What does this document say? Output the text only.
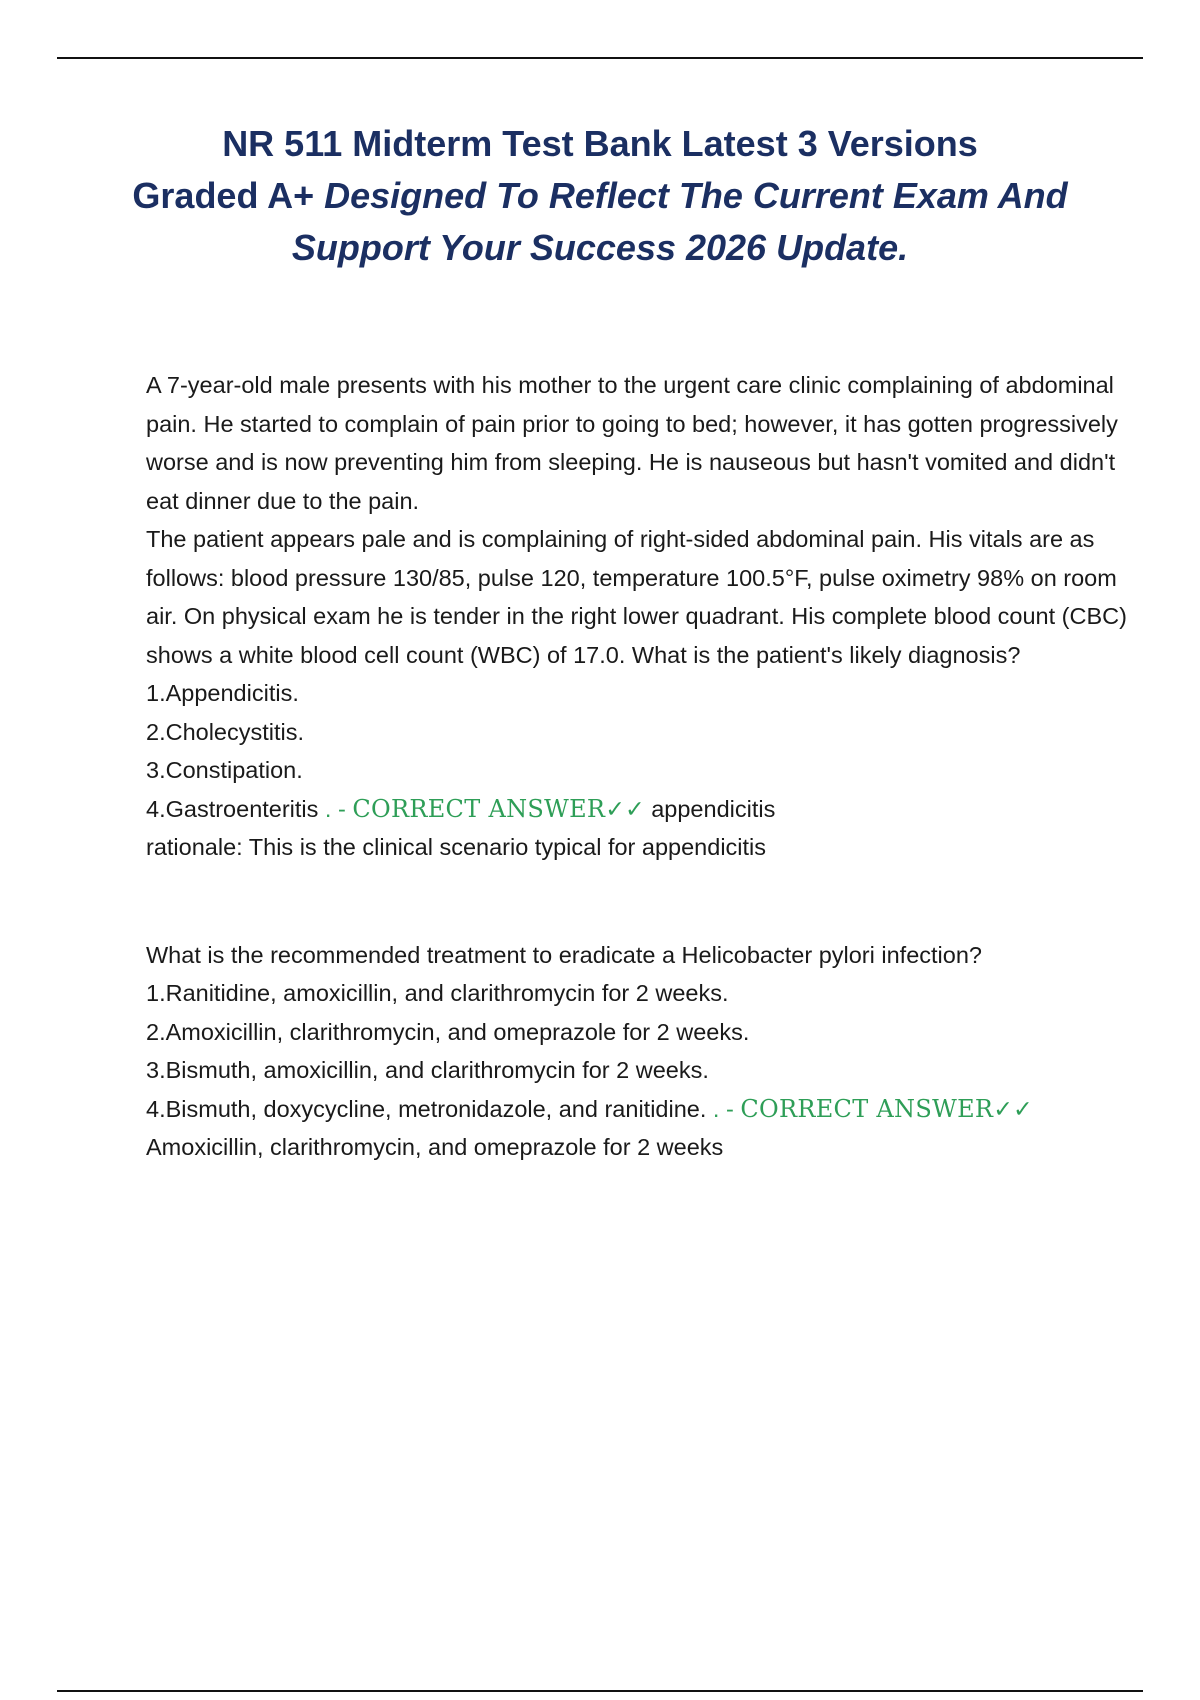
NR 511 Midterm Test Bank Latest 3 Versions
Graded A+ Designed To Reflect The Current Exam And
Support Your Success 2026 Update.

A 7-year-old male presents with his mother to the urgent care clinic complaining of abdominal pain. He started to complain of pain prior to going to bed; however, it has gotten progressively worse and is now preventing him from sleeping. He is nauseous but hasn't vomited and didn't eat dinner due to the pain.

The patient appears pale and is complaining of right-sided abdominal pain. His vitals are as follows: blood pressure 130/85, pulse 120, temperature 100.5°F, pulse oximetry 98% on room air. On physical exam he is tender in the right lower quadrant. His complete blood count (CBC) shows a white blood cell count (WBC) of 17.0. What is the patient's likely diagnosis?

1.Appendicitis.

2.Cholecystitis.

3.Constipation.

4.Gastroenteritis . - CORRECT ANSWER✓✓ appendicitis

rationale: This is the clinical scenario typical for appendicitis

What is the recommended treatment to eradicate a Helicobacter pylori infection?

1.Ranitidine, amoxicillin, and clarithromycin for 2 weeks.

2.Amoxicillin, clarithromycin, and omeprazole for 2 weeks.

3.Bismuth, amoxicillin, and clarithromycin for 2 weeks.

4.Bismuth, doxycycline, metronidazole, and ranitidine. . - CORRECT ANSWER✓✓
Amoxicillin, clarithromycin, and omeprazole for 2 weeks
